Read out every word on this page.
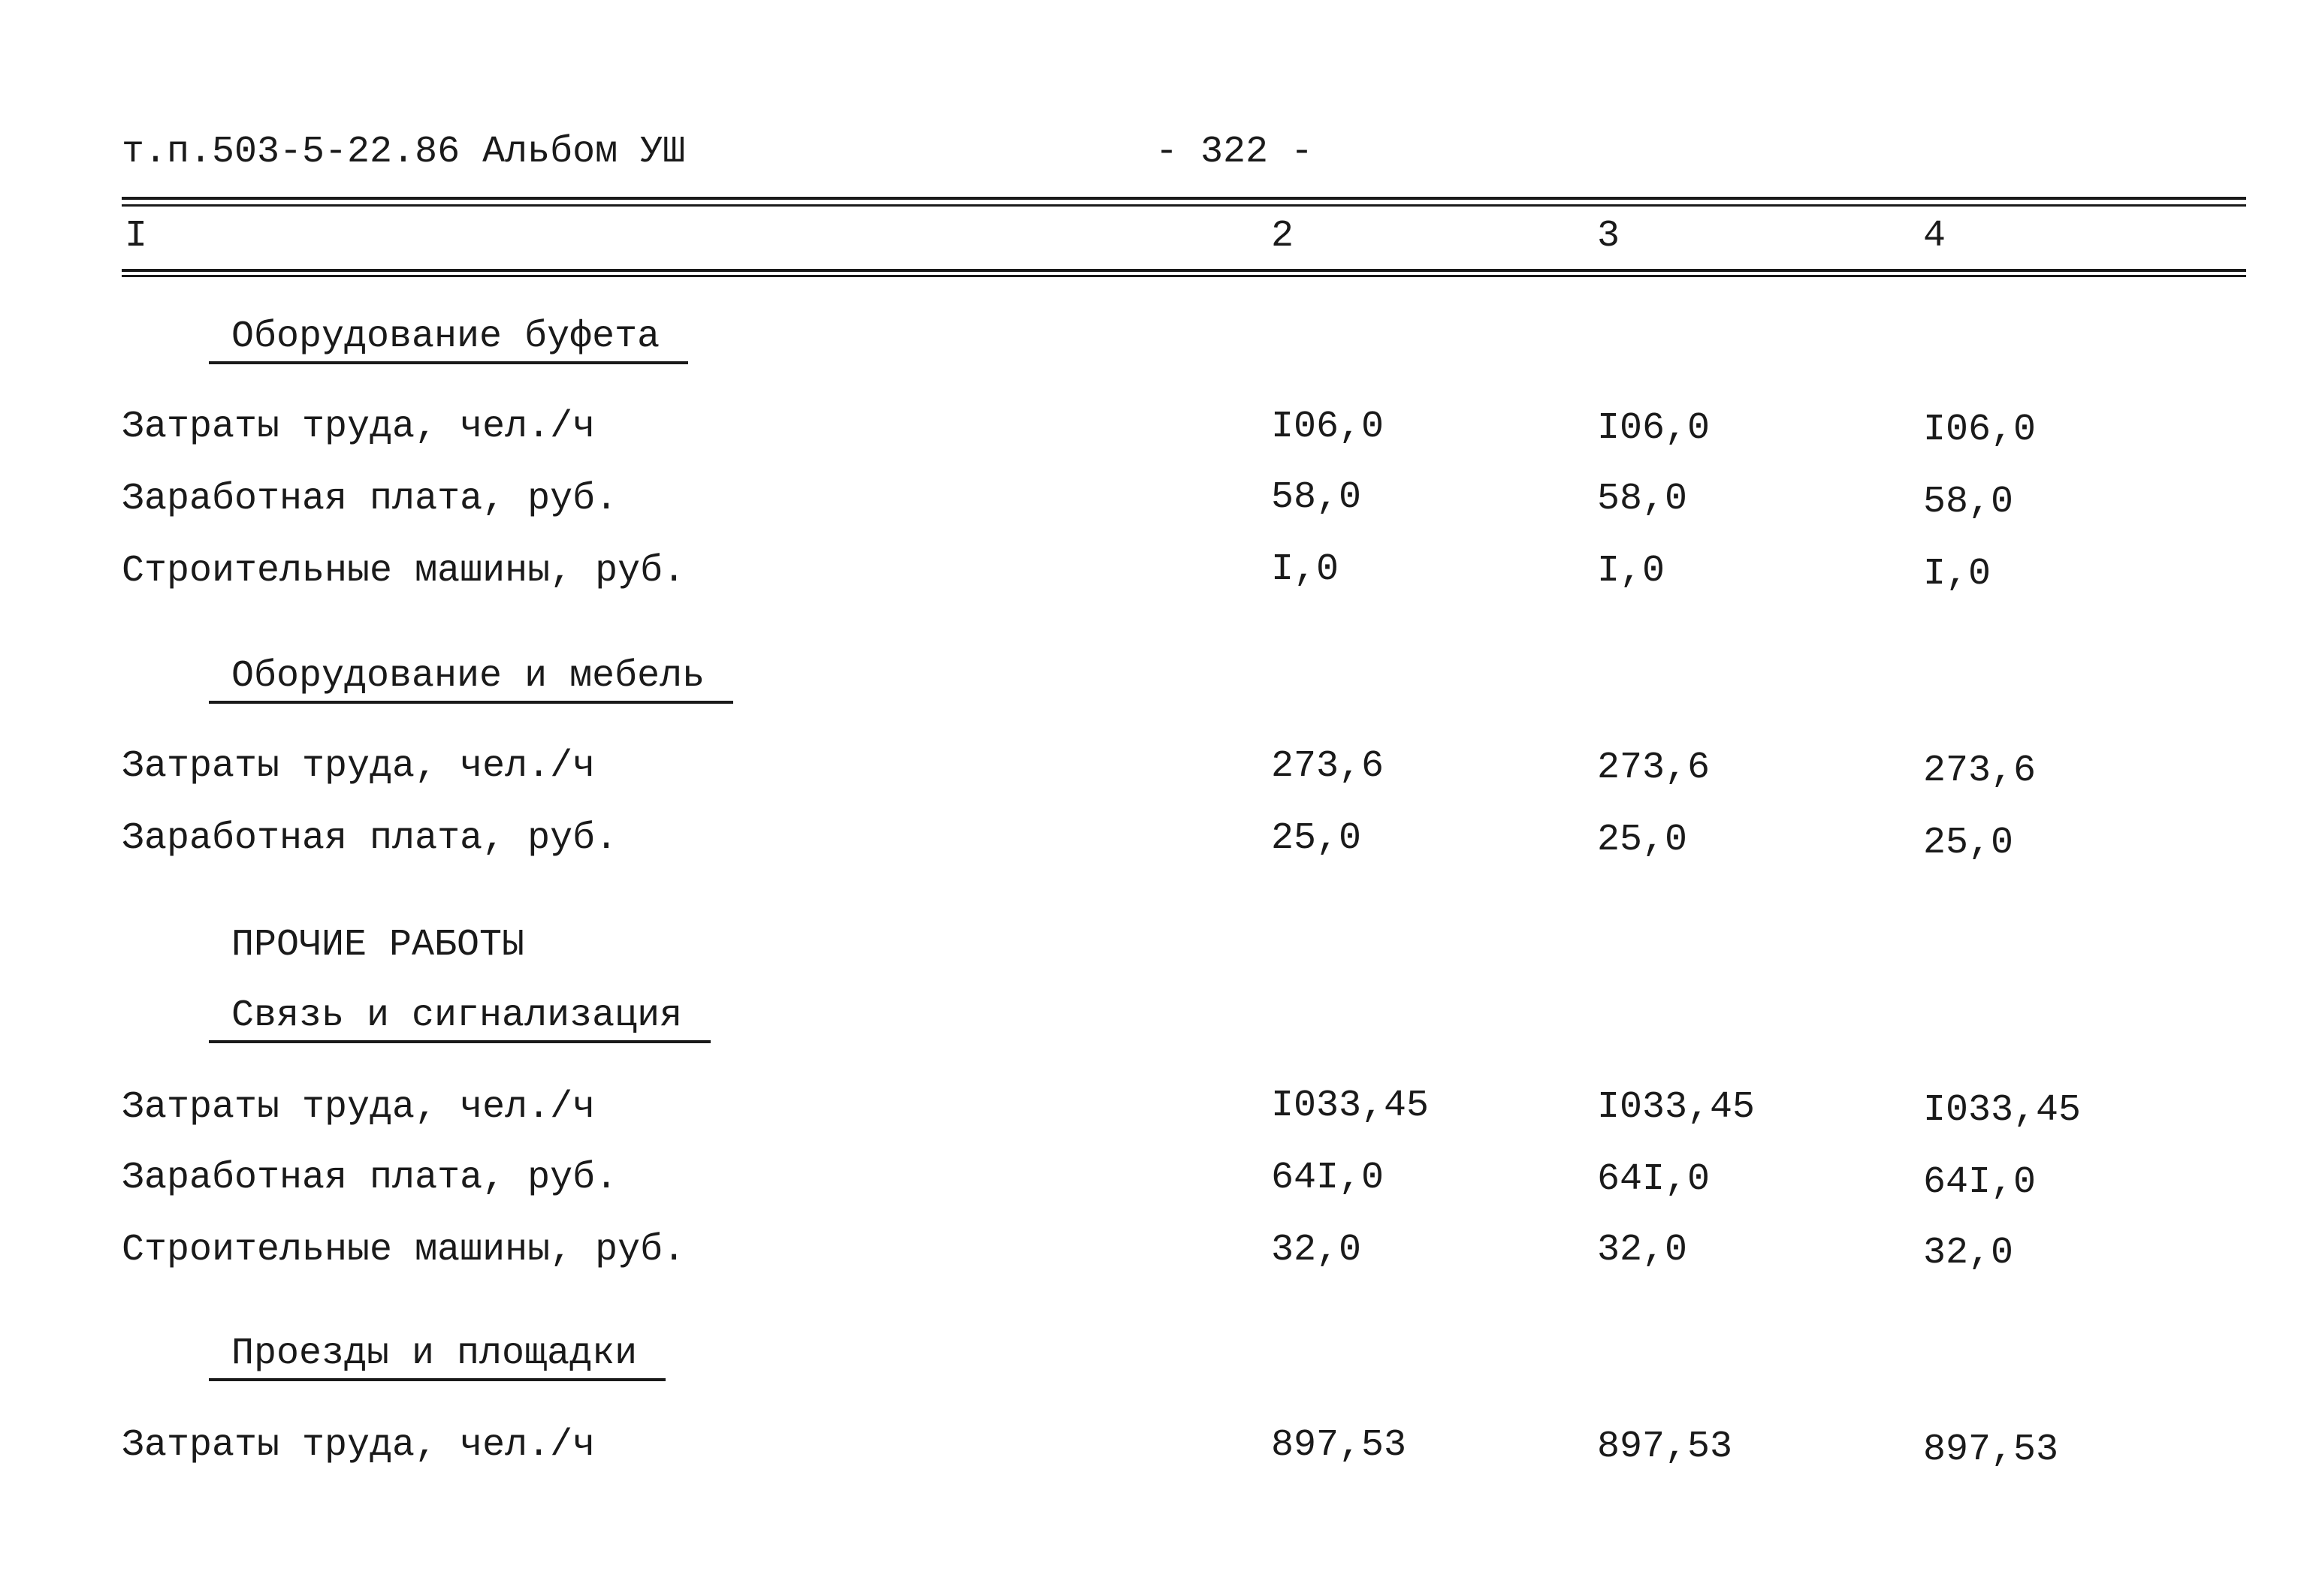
т.п.503-5-22.86 Альбом УШ	- 322 -
I	2	3	4
Оборудование буфета
Затраты труда, чел./ч	I06,0	I06,0	I06,0
Заработная плата, руб.	58,0	58,0	58,0
Строительные машины, руб.	I,0	I,0	I,0
Оборудование и мебель
Затраты труда, чел./ч	273,6	273,6	273,6
Заработная плата, руб.	25,0	25,0	25,0
ПРОЧИЕ РАБОТЫ
Связь и сигнализация
Затраты труда, чел./ч	I033,45	I033,45	I033,45
Заработная плата, руб.	64I,0	64I,0	64I,0
Строительные машины, руб.	32,0	32,0	32,0
Проезды и площадки
Затраты труда, чел./ч	897,53	897,53	897,53
